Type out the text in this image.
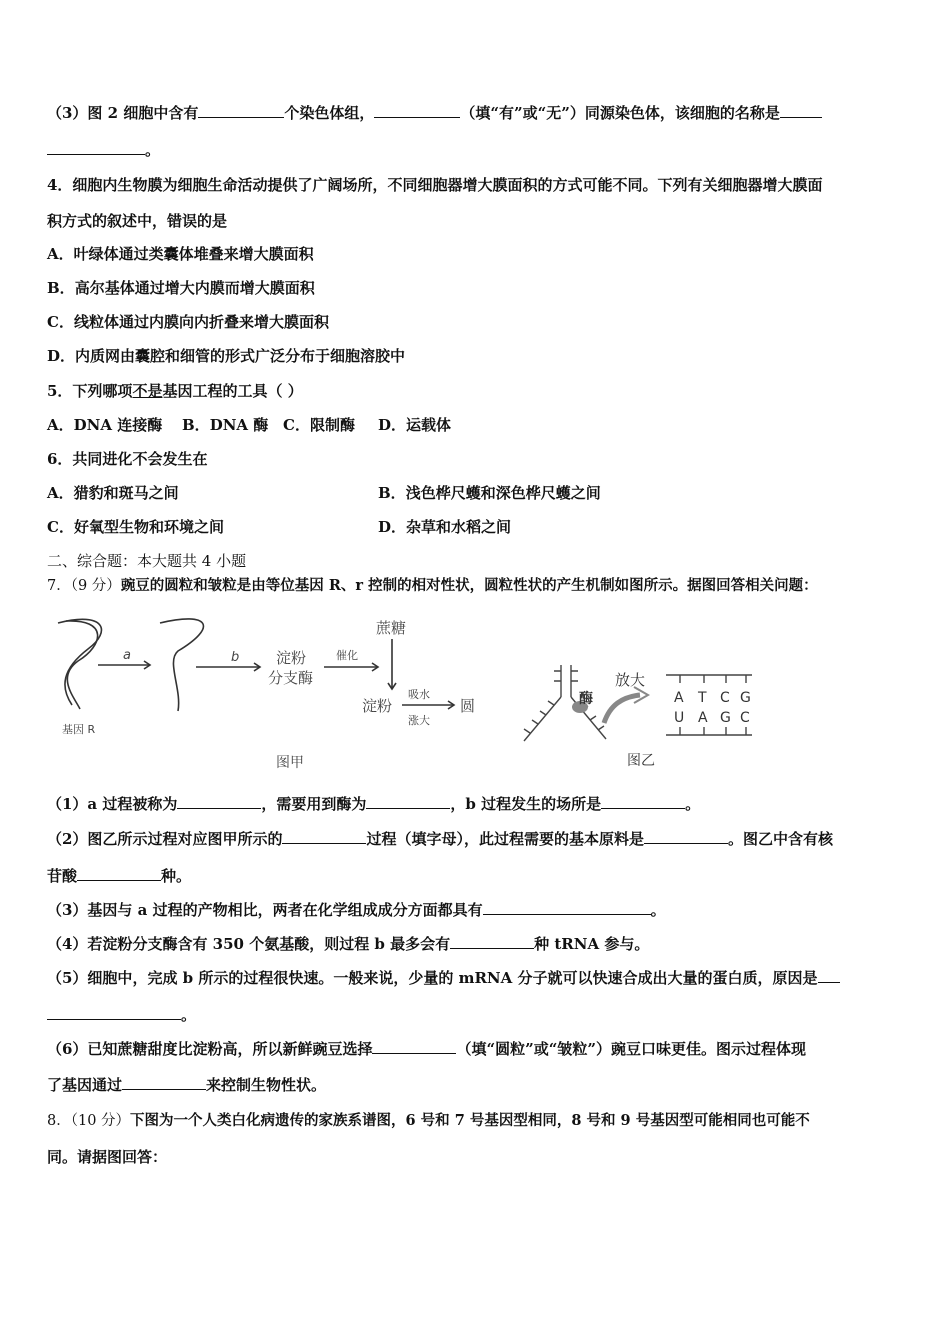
（3）图 2 细胞中含有	个染色体组，	（填“有”或“无”）同源染色体，该细胞的名称是
。
4．细胞内生物膜为细胞生命活动提供了广阔场所，不同细胞器增大膜面积的方式可能不同。下列有关细胞器增大膜面
积方式的叙述中，错误的是
A．叶绿体通过类囊体堆叠来增大膜面积
B．高尔基体通过增大内膜而增大膜面积
C．线粒体通过内膜向内折叠来增大膜面积
D．内质网由囊腔和细管的形式广泛分布于细胞溶胶中
5．下列哪项不是基因工程的工具（ ）
A．DNA 连接酶 B．DNA 酶 C．限制酶 D．运载体
6．共同进化不会发生在
A．猎豹和斑马之间	B．浅色桦尺蠖和深色桦尺蠖之间
C．好氧型生物和环境之间	D．杂草和水稻之间
二、综合题：本大题共 4 小题
7．（9 分）豌豆的圆粒和皱粒是由等位基因 R、r 控制的相对性状，圆粒性状的产生机制如图所示。据图回答相关问题：
基因 R
a	b 淀粉
分支酶
催化
蔗糖
淀粉
吸水
涨大
圆
图甲
酶
放大
A T C G
U A G C
图乙
（1）a 过程被称为	，需要用到酶为	，b 过程发生的场所是	。
（2）图乙所示过程对应图甲所示的	过程（填字母），此过程需要的基本原料是	。图乙中含有核
苷酸	种。
（3）基因与 a 过程的产物相比，两者在化学组成成分方面都具有	。
（4）若淀粉分支酶含有 350 个氨基酸，则过程 b 最多会有	种 tRNA 参与。
（5）细胞中，完成 b 所示的过程很快速。一般来说，少量的 mRNA 分子就可以快速合成出大量的蛋白质，原因是
。
（6）已知蔗糖甜度比淀粉高，所以新鲜豌豆选择	（填“圆粒”或“皱粒”）豌豆口味更佳。图示过程体现
了基因通过	来控制生物性状。
8．（10 分）下图为一个人类白化病遗传的家族系谱图，6 号和 7 号基因型相同，8 号和 9 号基因型可能相同也可能不
同。请据图回答：
